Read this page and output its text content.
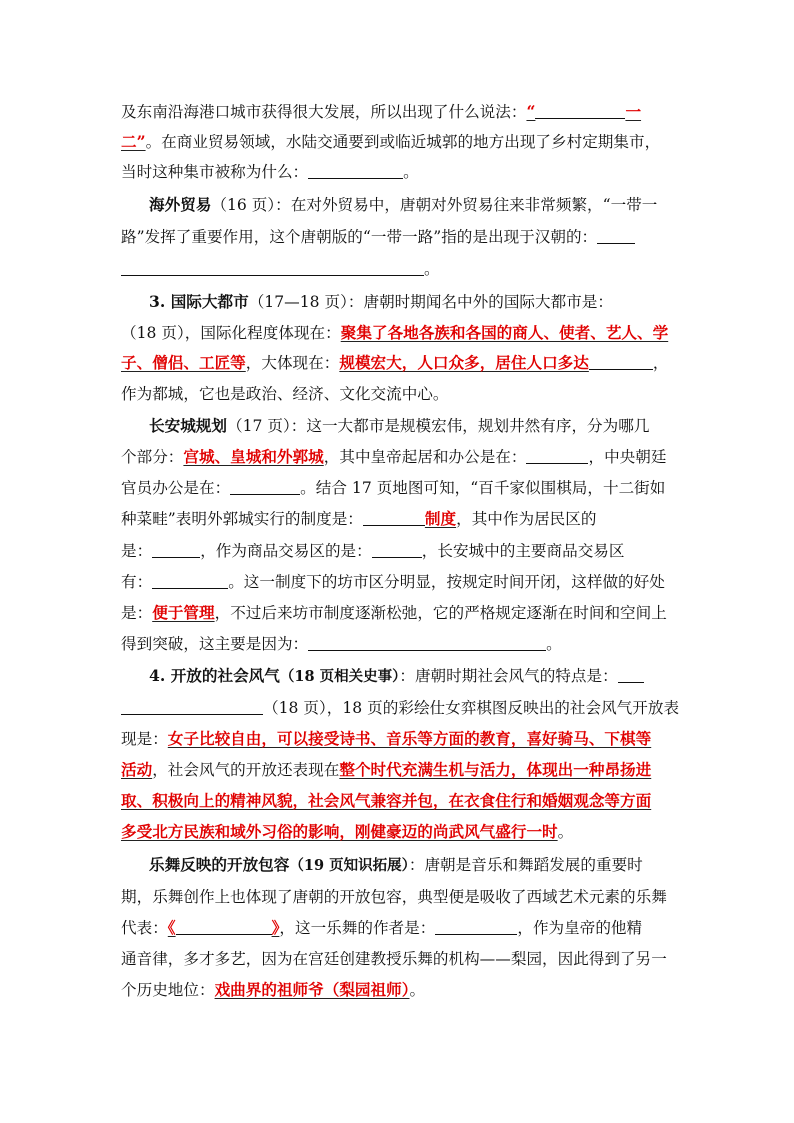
及东南沿海港口城市获得很大发展，所以出现了什么说法：“	一
二”。在商业贸易领域，水陆交通要到或临近城郭的地方出现了乡村定期集市，
当时这种集市被称为什么：	。
海外贸易（16 页）：在对外贸易中，唐朝对外贸易往来非常频繁，“一带一
路”发挥了重要作用，这个唐朝版的“一带一路”指的是出现于汉朝的：
。
3. 国际大都市（17—18 页）：唐朝时期闻名中外的国际大都市是：
（18 页），国际化程度体现在：聚集了各地各族和各国的商人、使者、艺人、学
子、僧侣、工匠等，大体现在：规模宏大，人口众多，居住人口多达	，
作为都城，它也是政治、经济、文化交流中心。
长安城规划（17 页）：这一大都市是规模宏伟，规划井然有序，分为哪几
个部分：宫城、皇城和外郭城，其中皇帝起居和办公是在：	，中央朝廷
官员办公是在：	。结合 17 页地图可知，“百千家似围棋局，十二街如
种菜畦”表明外郭城实行的制度是：	制度，其中作为居民区的
是：	，作为商品交易区的是：	，长安城中的主要商品交易区
有：	。这一制度下的坊市区分明显，按规定时间开闭，这样做的好处
是：便于管理，不过后来坊市制度逐渐松弛，它的严格规定逐渐在时间和空间上
得到突破，这主要是因为：	。
4. 开放的社会风气（18 页相关史事）：唐朝时期社会风气的特点是：
（18 页），18 页的彩绘仕女弈棋图反映出的社会风气开放表
现是：女子比较自由，可以接受诗书、音乐等方面的教育，喜好骑马、下棋等
活动，社会风气的开放还表现在整个时代充满生机与活力，体现出一种昂扬进
取、积极向上的精神风貌，社会风气兼容并包，在衣食住行和婚姻观念等方面
多受北方民族和域外习俗的影响，刚健豪迈的尚武风气盛行一时。
乐舞反映的开放包容（19 页知识拓展）：唐朝是音乐和舞蹈发展的重要时
期，乐舞创作上也体现了唐朝的开放包容，典型便是吸收了西域艺术元素的乐舞
代表：《	》，这一乐舞的作者是：	，作为皇帝的他精
通音律，多才多艺，因为在宫廷创建教授乐舞的机构——梨园，因此得到了另一
个历史地位：戏曲界的祖师爷（梨园祖师）。
